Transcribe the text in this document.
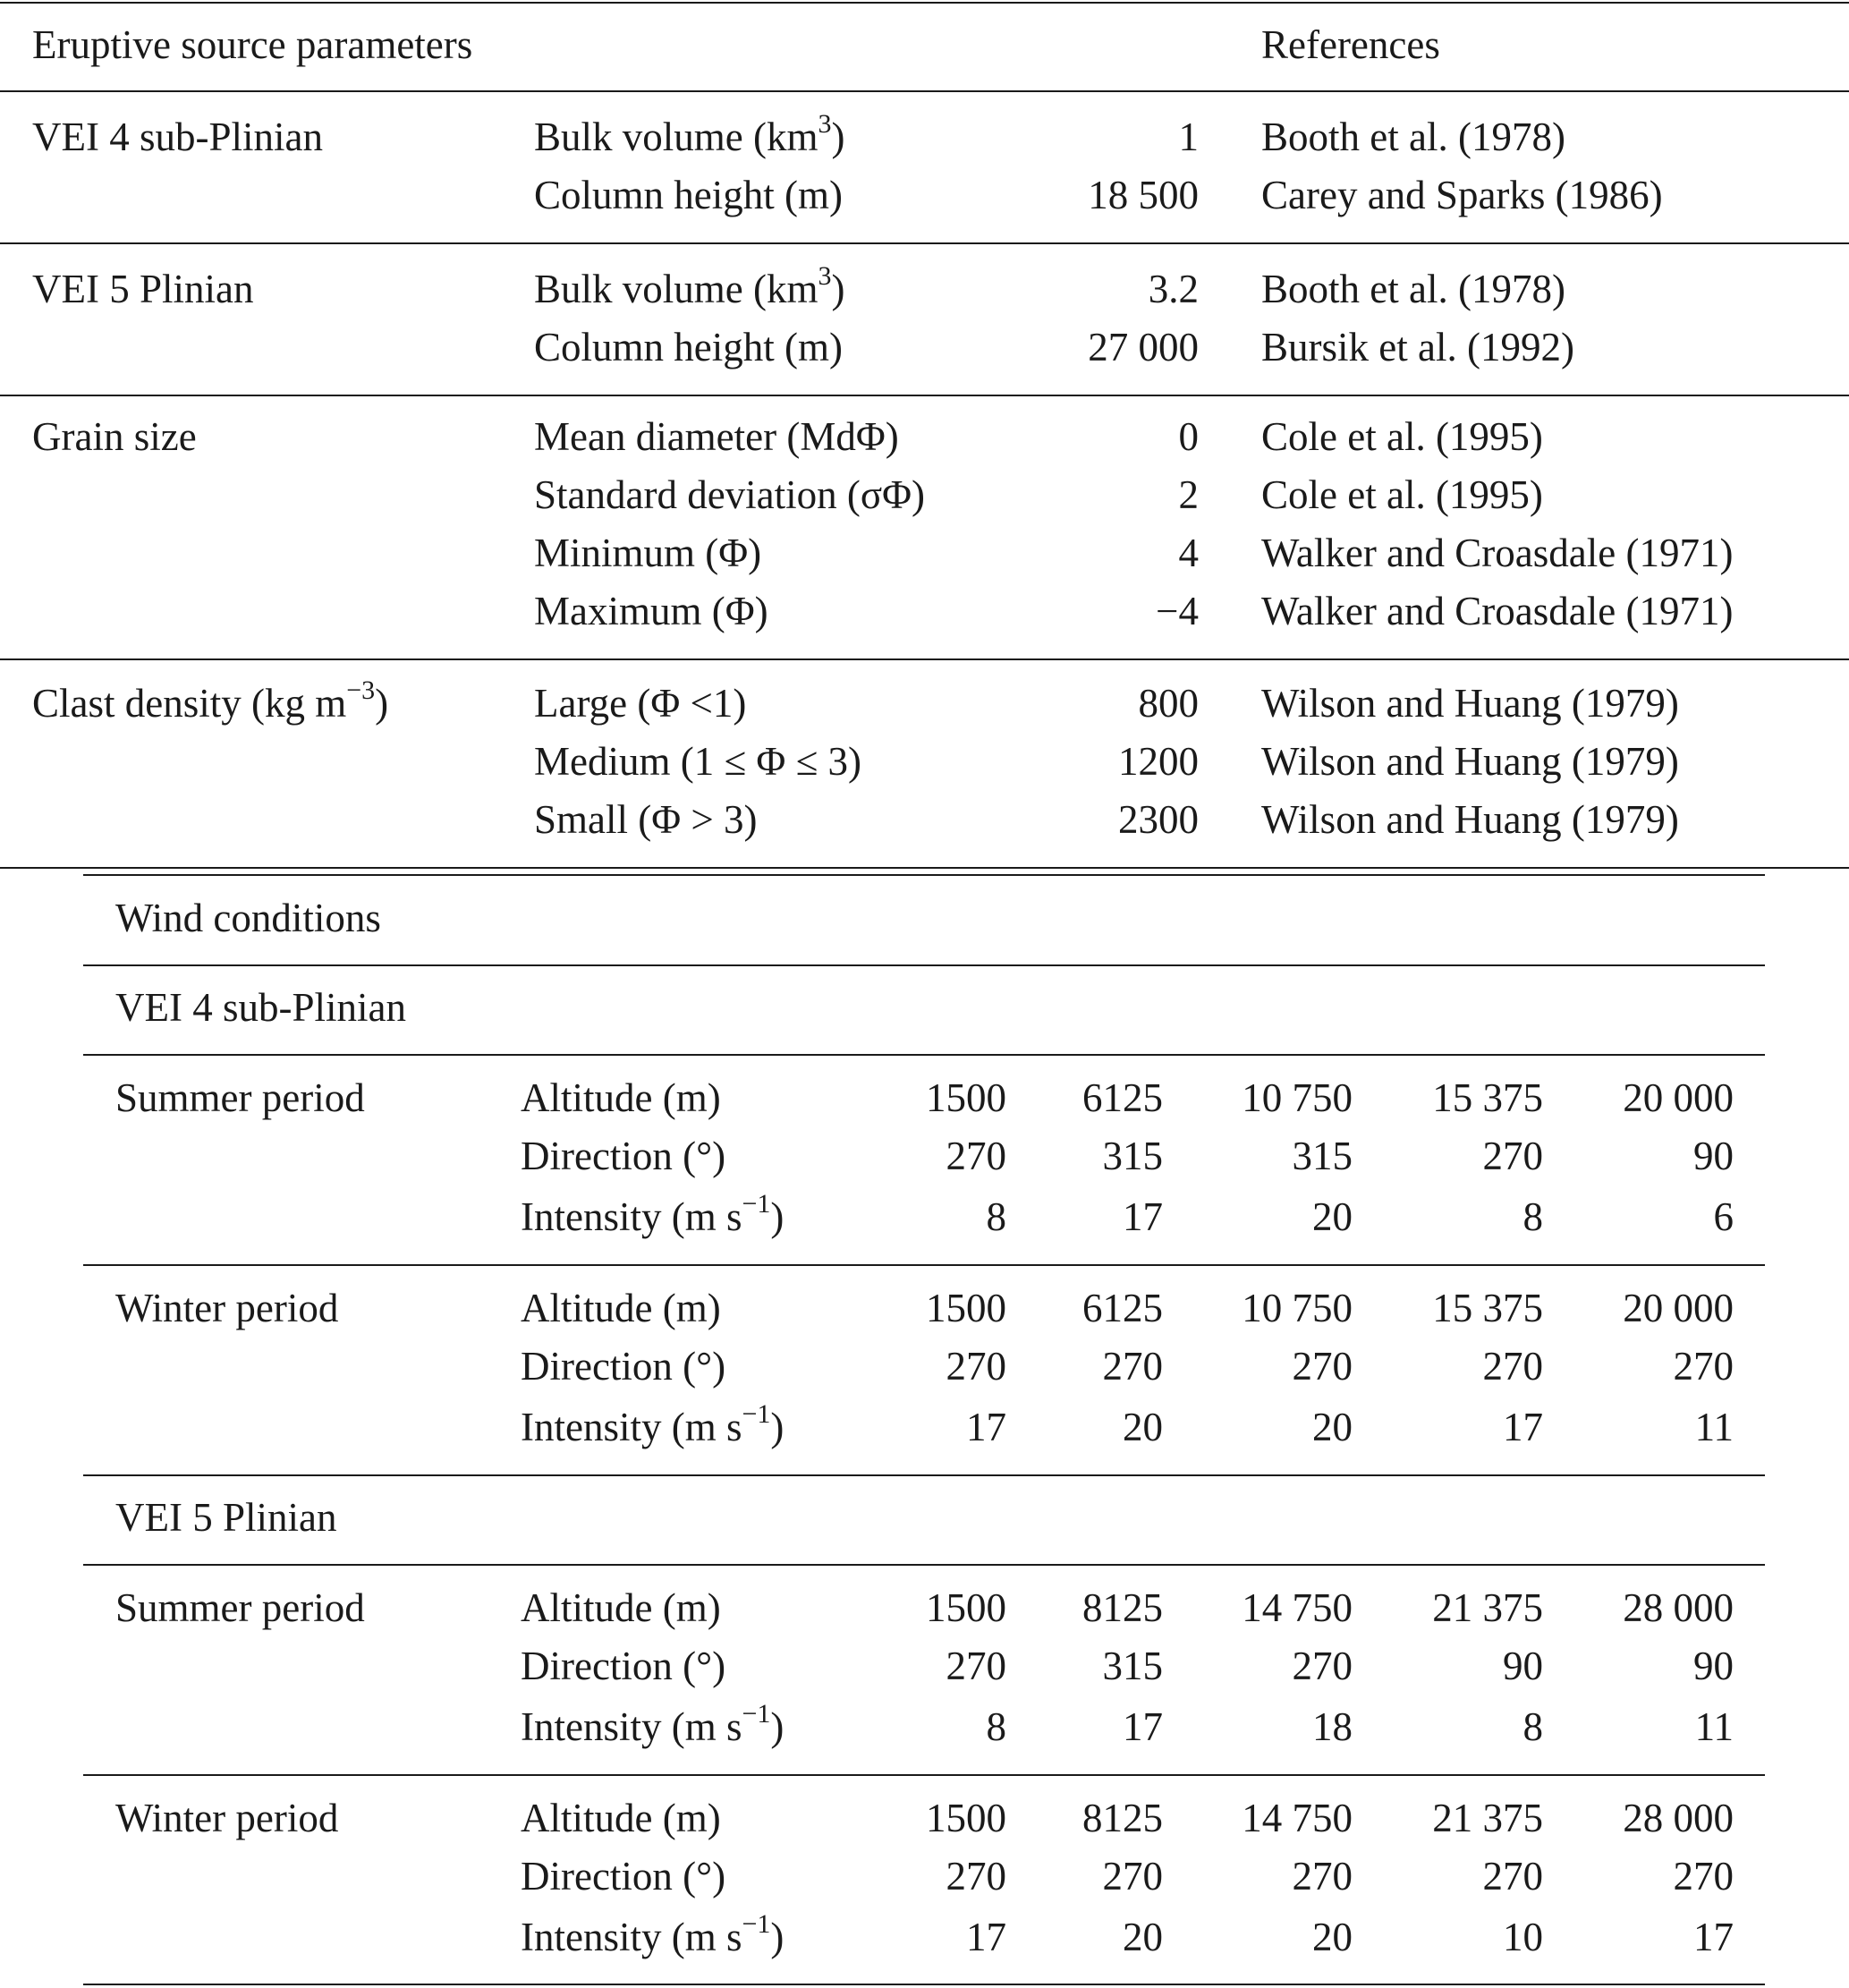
Eruptive source parameters	References
VEI 4 sub-Plinian	Bulk volume $(km^3)$	1 Booth et al. (1978)
Column height (m)	18 500 Carey and Sparks (1986)
VEI 5 Plinian	Bulk volume $(km^3)$	3.2 Booth et al. (1978)
Column height (m)	27 000 Bursik et al. (1992)
Grain size	Mean diameter (MdΦ)	0 Cole et al. (1995)
Standard deviation (σΦ)	2 Cole et al. (1995)
Minimum (Φ)	4 Walker and Croasdale (1971)
Maximum (Φ)	−4 Walker and Croasdale (1971)
Clast density (kg $m^{-3}$)	Large (Φ <1)	800 Wilson and Huang (1979)
Medium (1 ≤ Φ ≤ 3)	1200 Wilson and Huang (1979)
Small (Φ > 3)	2300 Wilson and Huang (1979)
Wind conditions
VEI 4 sub-Plinian
Summer period	Altitude (m)	1500	6125	10 750	15 375	20 000
Direction (°)	270	315	315	270	90
Intensity (m $s^{-1}$)	8	17	20	8	6
Winter period	Altitude (m)	1500	6125	10 750	15 375	20 000
Direction (°)	270	270	270	270	270
Intensity (m $s^{-1}$)	17	20	20	17	11
VEI 5 Plinian
Summer period	Altitude (m)	1500	8125	14 750	21 375	28 000
Direction (°)	270	315	270	90	90
Intensity (m $s^{-1}$)	8	17	18	8	11
Winter period	Altitude (m)	1500	8125	14 750	21 375	28 000
Direction (°)	270	270	270	270	270
Intensity (m $s^{-1}$)	17	20	20	10	17
